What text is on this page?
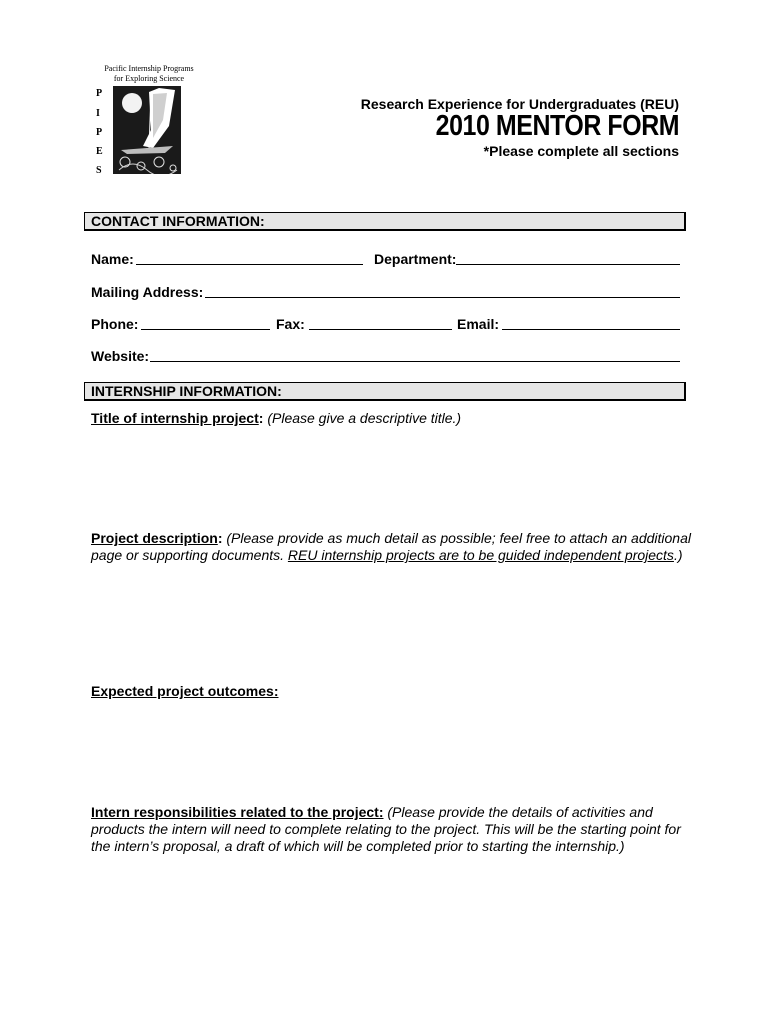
Pacific Internship Programs
for Exploring Science
P
I
P
E
S
Research Experience for Undergraduates (REU)
2010 MENTOR FORM
*Please complete all sections
CONTACT INFORMATION:
Name:	Department:
Mailing Address:
Phone:	Fax:	Email:
Website:
INTERNSHIP INFORMATION:
Title of internship project: (Please give a descriptive title.)
Project description: (Please provide as much detail as possible; feel free to attach an additional page or supporting documents. REU internship projects are to be guided independent projects.)
Expected project outcomes:
Intern responsibilities related to the project: (Please provide the details of activities and products the intern will need to complete relating to the project. This will be the starting point for the intern’s proposal, a draft of which will be completed prior to starting the internship.)
